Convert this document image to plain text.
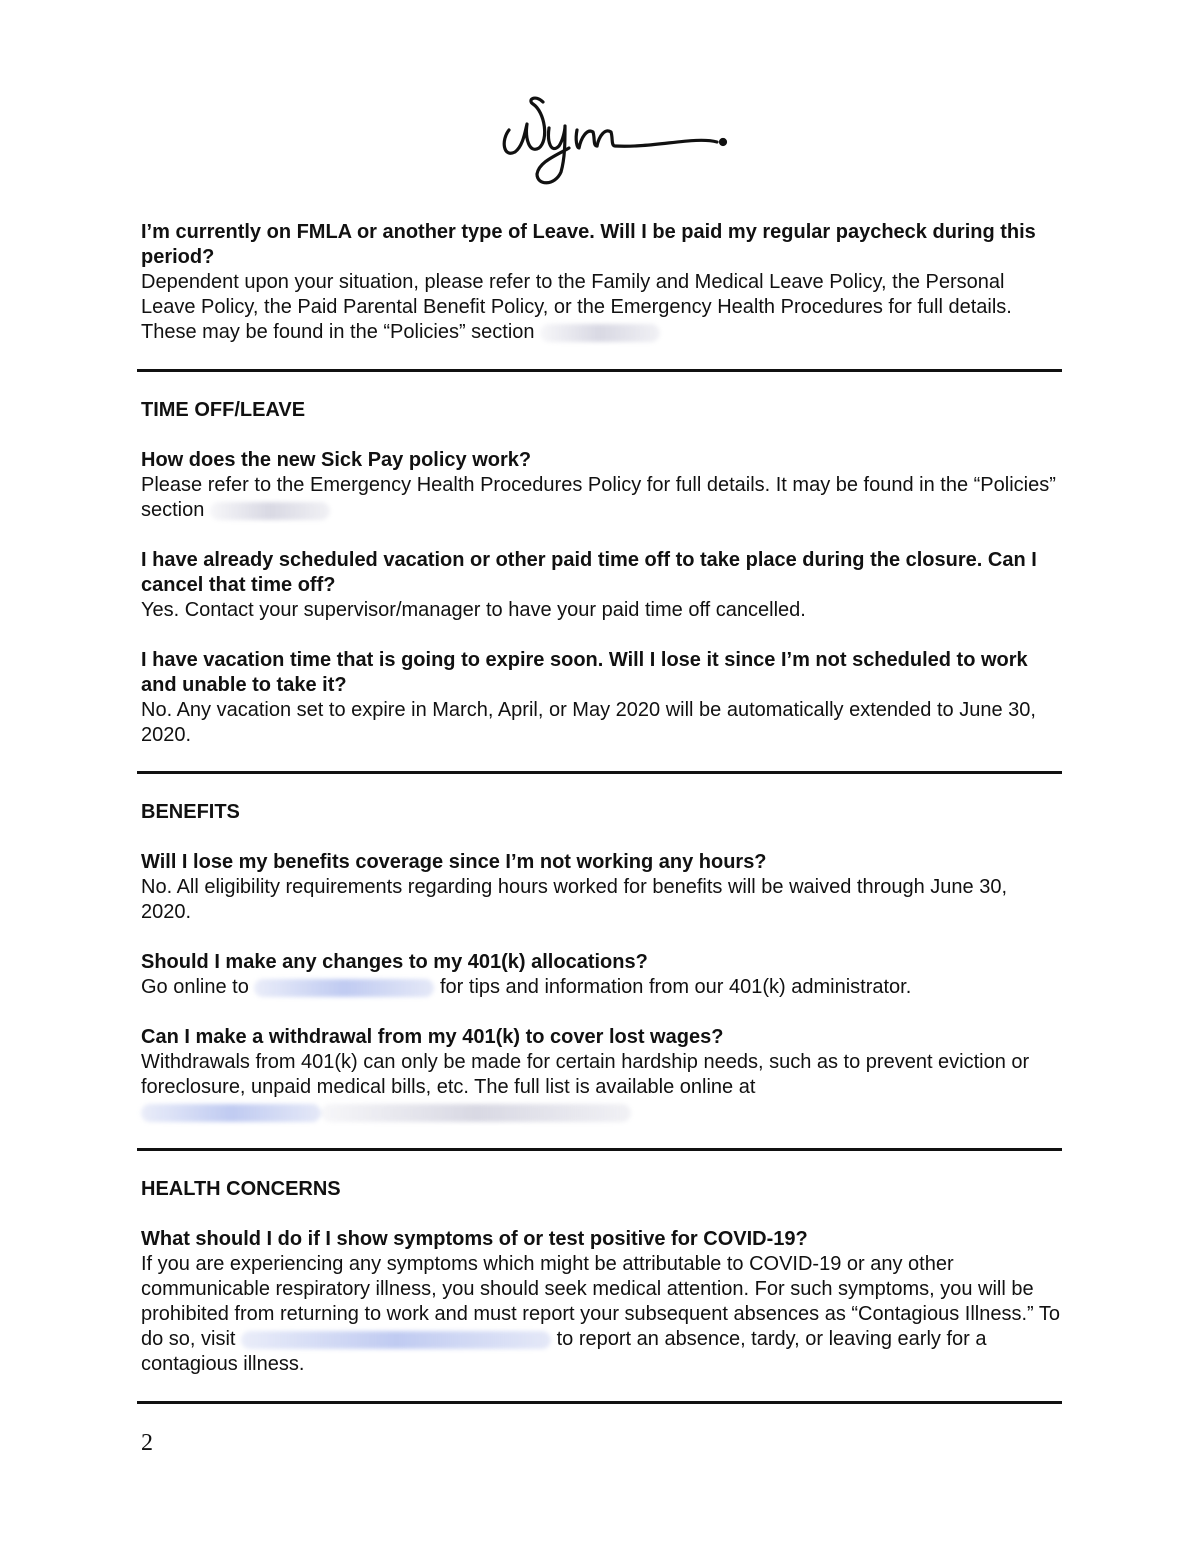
I’m currently on FMLA or another type of Leave. Will I be paid my regular paycheck during this period?

Dependent upon your situation, please refer to the Family and Medical Leave Policy, the Personal Leave Policy, the Paid Parental Benefit Policy, or the Emergency Health Procedures for full details. These may be found in the “Policies” section

TIME OFF/LEAVE

How does the new Sick Pay policy work?

Please refer to the Emergency Health Procedures Policy for full details. It may be found in the “Policies” section

I have already scheduled vacation or other paid time off to take place during the closure. Can I cancel that time off?

Yes. Contact your supervisor/manager to have your paid time off cancelled.

I have vacation time that is going to expire soon. Will I lose it since I’m not scheduled to work and unable to take it?

No. Any vacation set to expire in March, April, or May 2020 will be automatically extended to June 30, 2020.

BENEFITS

Will I lose my benefits coverage since I’m not working any hours?

No. All eligibility requirements regarding hours worked for benefits will be waived through June 30, 2020.

Should I make any changes to my 401(k) allocations?

Go online to	for tips and information from our 401(k) administrator.

Can I make a withdrawal from my 401(k) to cover lost wages?

Withdrawals from 401(k) can only be made for certain hardship needs, such as to prevent eviction or foreclosure, unpaid medical bills, etc. The full list is available online at

HEALTH CONCERNS

What should I do if I show symptoms of or test positive for COVID-19?

If you are experiencing any symptoms which might be attributable to COVID-19 or any other communicable respiratory illness, you should seek medical attention. For such symptoms, you will be prohibited from returning to work and must report your subsequent absences as “Contagious Illness.” To do so, visit	to report an absence, tardy, or leaving early for a contagious illness.

2
